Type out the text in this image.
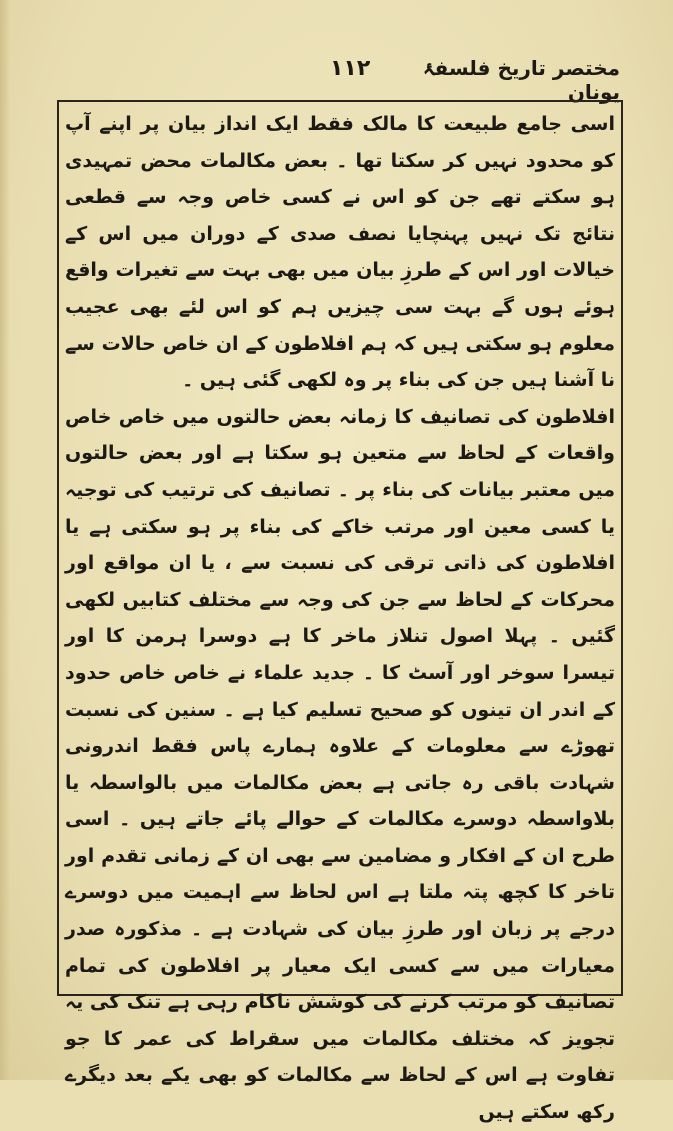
۱۱۲	مختصر تاریخ فلسفۂ یونان

اسی جامع طبیعت کا مالک فقط ایک انداز بیان پر اپنے آپ کو محدود نہیں کر سکتا تھا ۔ بعض مکالمات محض تمہیدی ہو سکتے تھے جن کو اس نے کسی خاص وجہ سے قطعی نتائج تک نہیں پہنچایا نصف صدی کے دوران میں اس کے خیالات اور اس کے طرزِ بیان میں بھی بہت سے تغیرات واقع ہوئے ہوں گے بہت سی چیزیں ہم کو اس لئے بھی عجیب معلوم ہو سکتی ہیں کہ ہم افلاطون کے ان خاص حالات سے نا آشنا ہیں جن کی بناء پر وہ لکھی گئی ہیں ۔

افلاطون کی تصانیف کا زمانہ بعض حالتوں میں خاص خاص واقعات کے لحاظ سے متعین ہو سکتا ہے اور بعض حالتوں میں معتبر بیانات کی بناء پر ۔ تصانیف کی ترتیب کی توجیہ یا کسی معین اور مرتب خاکے کی بناء پر ہو سکتی ہے یا افلاطون کی ذاتی ترقی کی نسبت سے ، یا ان مواقع اور محرکات کے لحاظ سے جن کی وجہ سے مختلف کتابیں لکھی گئیں ۔ پہلا اصول تنلاز ماخر کا ہے دوسرا ہرمن کا اور تیسرا سوخر اور آسٹ کا ۔ جدید علماء نے خاص خاص حدود کے اندر ان تینوں کو صحیح تسلیم کیا ہے ۔ سنین کی نسبت تھوڑے سے معلومات کے علاوہ ہمارے پاس فقط اندرونی شہادت باقی رہ جاتی ہے بعض مکالمات میں بالواسطہ یا بلاواسطہ دوسرے مکالمات کے حوالے پائے جاتے ہیں ۔ اسی طرح ان کے افکار و مضامین سے بھی ان کے زمانی تقدم اور تاخر کا کچھ پتہ ملتا ہے اس لحاظ سے اہمیت میں دوسرے درجے پر زبان اور طرزِ بیان کی شہادت ہے ۔ مذکورہ صدر معیارات میں سے کسی ایک معیار پر افلاطون کی تمام تصانیف کو مرتب کرنے کی کوشش ناکام رہی ہے تنک کی یہ تجویز کہ مختلف مکالمات میں سقراط کی عمر کا جو تفاوت ہے اس کے لحاظ سے مکالمات کو بھی یکے بعد دیگرے رکھ سکتے ہیں
